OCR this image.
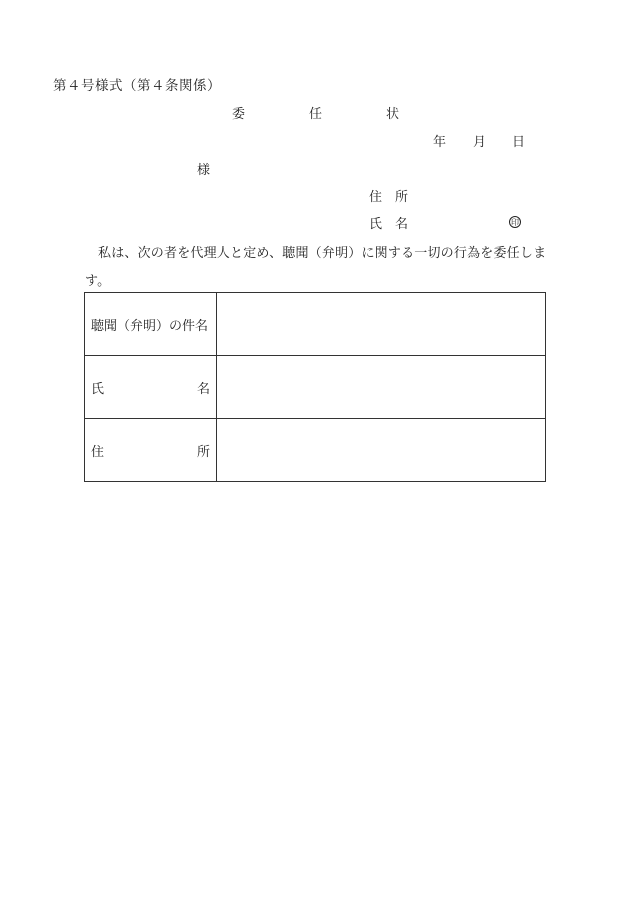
第４号様式（第４条関係）
委	任	状
年 月 日
様
住 所
氏 名	印
私は、次の者を代理人と定め、聴聞（弁明）に関する一切の行為を委任します。
聴聞（弁明）の件名	

氏 名	

住 所	
